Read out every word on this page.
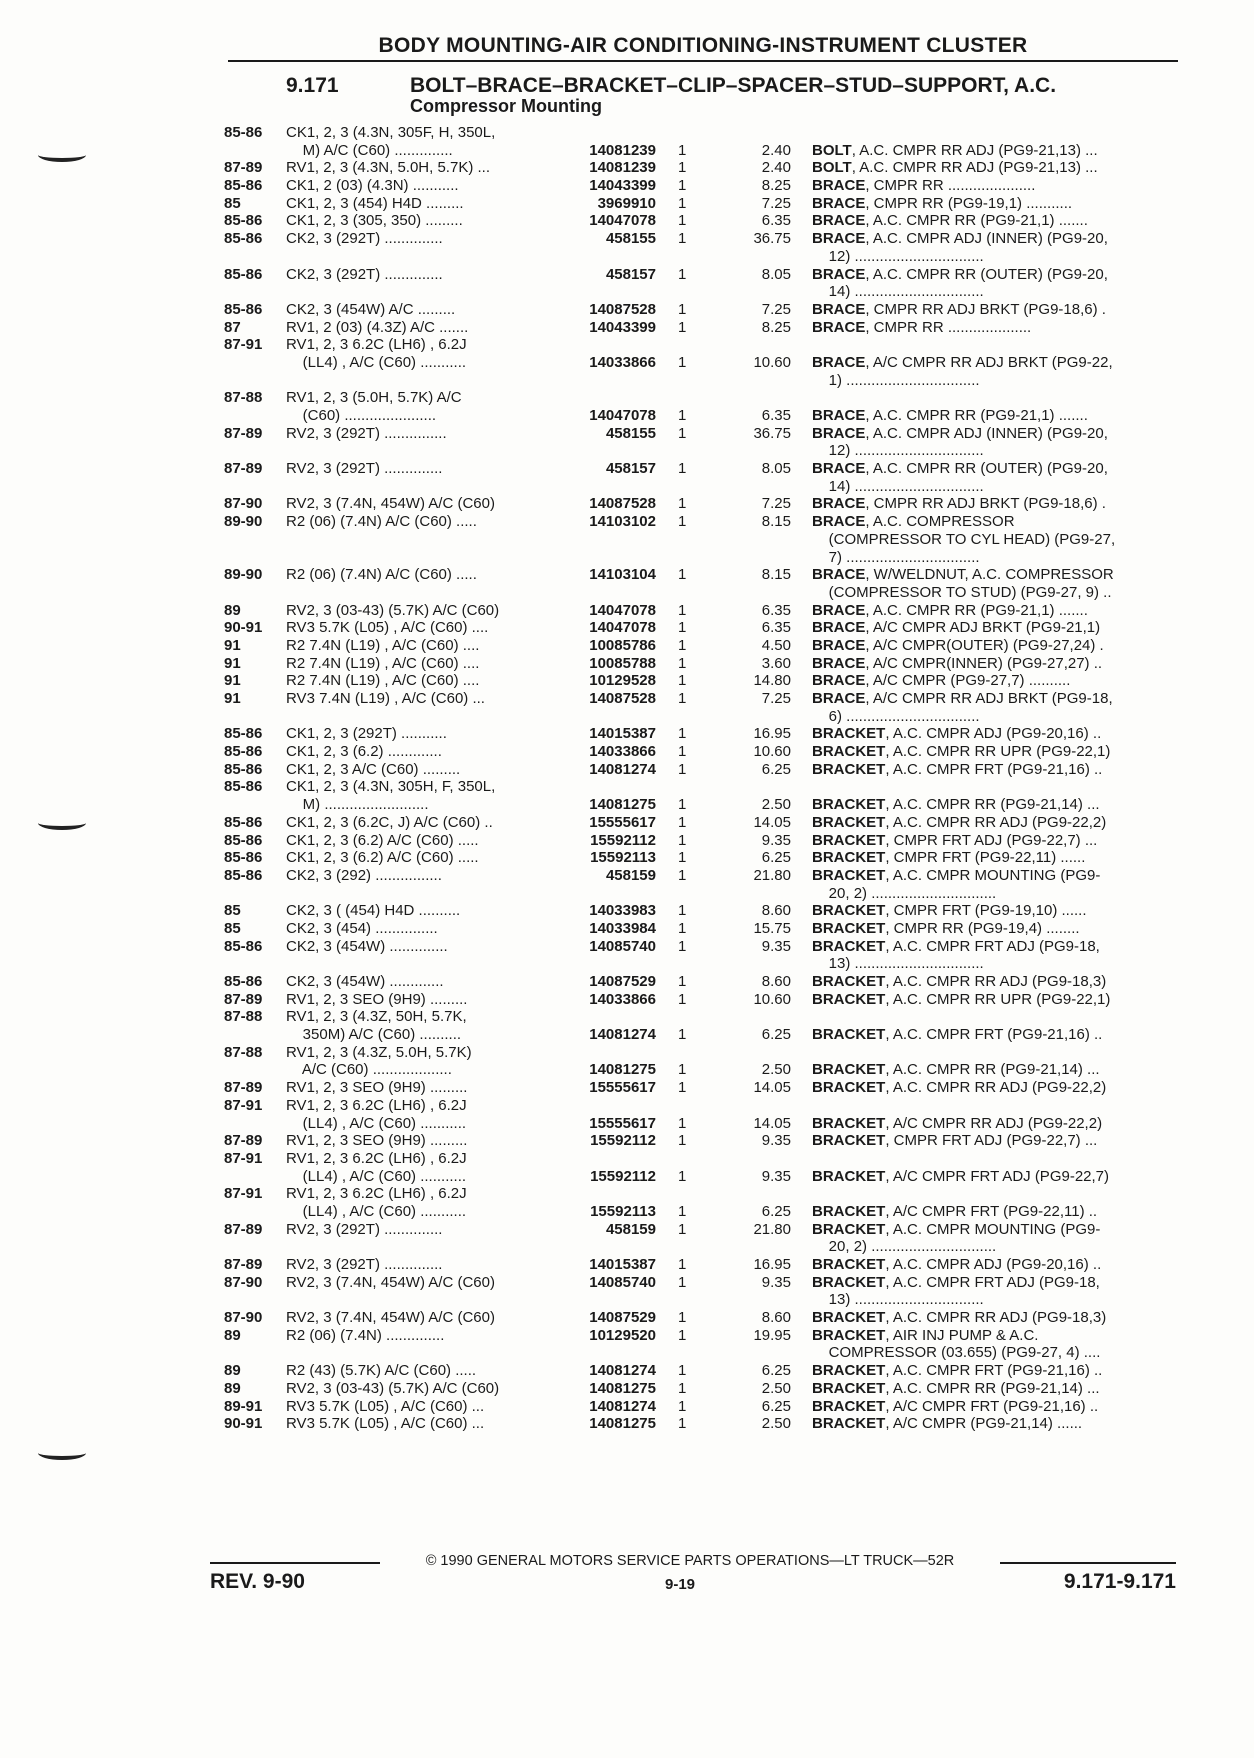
BODY MOUNTING-AIR CONDITIONING-INSTRUMENT CLUSTER
9.171	BOLT–BRACE–BRACKET–CLIP–SPACER–STUD–SUPPORT, A.C.
Compressor Mounting
85-86	CK1, 2, 3 (4.3N, 305F, H, 350L,
M) A/C (C60) ..............	14081239 1	2.40 BOLT, A.C. CMPR RR ADJ (PG9-21,13) ...
87-89	RV1, 2, 3 (4.3N, 5.0H, 5.7K) ...	14081239 1	2.40 BOLT, A.C. CMPR RR ADJ (PG9-21,13) ...
85-86	CK1, 2 (03) (4.3N) ...........	14043399 1	8.25 BRACE, CMPR RR .....................
85	CK1, 2, 3 (454) H4D .........	3969910 1	7.25 BRACE, CMPR RR (PG9-19,1) ...........
85-86	CK1, 2, 3 (305, 350) .........	14047078 1	6.35 BRACE, A.C. CMPR RR (PG9-21,1) .......
85-86	CK2, 3 (292T) ..............	458155 1	36.75 BRACE, A.C. CMPR ADJ (INNER) (PG9-20,
12) ...............................
85-86	CK2, 3 (292T) ..............	458157 1	8.05 BRACE, A.C. CMPR RR (OUTER) (PG9-20,
14) ...............................
85-86	CK2, 3 (454W) A/C .........	14087528 1	7.25 BRACE, CMPR RR ADJ BRKT (PG9-18,6) .
87	RV1, 2 (03) (4.3Z) A/C .......	14043399 1	8.25 BRACE, CMPR RR ....................
87-91	RV1, 2, 3 6.2C (LH6) , 6.2J
(LL4) , A/C (C60) ...........	14033866 1	10.60 BRACE, A/C CMPR RR ADJ BRKT (PG9-22,
1) ................................
87-88	RV1, 2, 3 (5.0H, 5.7K) A/C
(C60) ......................	14047078 1	6.35 BRACE, A.C. CMPR RR (PG9-21,1) .......
87-89	RV2, 3 (292T) ...............	458155 1	36.75 BRACE, A.C. CMPR ADJ (INNER) (PG9-20,
12) ...............................
87-89	RV2, 3 (292T) ..............	458157 1	8.05 BRACE, A.C. CMPR RR (OUTER) (PG9-20,
14) ...............................
87-90	RV2, 3 (7.4N, 454W) A/C (C60)	14087528 1	7.25 BRACE, CMPR RR ADJ BRKT (PG9-18,6) .
89-90	R2 (06) (7.4N) A/C (C60) .....	14103102 1	8.15 BRACE, A.C. COMPRESSOR
(COMPRESSOR TO CYL HEAD) (PG9-27,
7) ................................
89-90	R2 (06) (7.4N) A/C (C60) .....	14103104 1	8.15 BRACE, W/WELDNUT, A.C. COMPRESSOR
(COMPRESSOR TO STUD) (PG9-27, 9) ..
89	RV2, 3 (03-43) (5.7K) A/C (C60)	14047078 1	6.35 BRACE, A.C. CMPR RR (PG9-21,1) .......
90-91	RV3 5.7K (L05) , A/C (C60) ....	14047078 1	6.35 BRACE, A/C CMPR ADJ BRKT (PG9-21,1)
91	R2 7.4N (L19) , A/C (C60) ....	10085786 1	4.50 BRACE, A/C CMPR(OUTER) (PG9-27,24) .
91	R2 7.4N (L19) , A/C (C60) ....	10085788 1	3.60 BRACE, A/C CMPR(INNER) (PG9-27,27) ..
91	R2 7.4N (L19) , A/C (C60) ....	10129528 1	14.80 BRACE, A/C CMPR (PG9-27,7) ..........
91	RV3 7.4N (L19) , A/C (C60) ...	14087528 1	7.25 BRACE, A/C CMPR RR ADJ BRKT (PG9-18,
6) ................................
85-86	CK1, 2, 3 (292T) ...........	14015387 1	16.95 BRACKET, A.C. CMPR ADJ (PG9-20,16) ..
85-86	CK1, 2, 3 (6.2) .............	14033866 1	10.60 BRACKET, A.C. CMPR RR UPR (PG9-22,1)
85-86	CK1, 2, 3 A/C (C60) .........	14081274 1	6.25 BRACKET, A.C. CMPR FRT (PG9-21,16) ..
85-86	CK1, 2, 3 (4.3N, 305H, F, 350L,
M) .........................	14081275 1	2.50 BRACKET, A.C. CMPR RR (PG9-21,14) ...
85-86	CK1, 2, 3 (6.2C, J) A/C (C60) ..	15555617 1	14.05 BRACKET, A.C. CMPR RR ADJ (PG9-22,2)
85-86	CK1, 2, 3 (6.2) A/C (C60) .....	15592112 1	9.35 BRACKET, CMPR FRT ADJ (PG9-22,7) ...
85-86	CK1, 2, 3 (6.2) A/C (C60) .....	15592113 1	6.25 BRACKET, CMPR FRT (PG9-22,11) ......
85-86	CK2, 3 (292) ................	458159 1	21.80 BRACKET, A.C. CMPR MOUNTING (PG9-
20, 2) ..............................
85	CK2, 3 ( (454) H4D ..........	14033983 1	8.60 BRACKET, CMPR FRT (PG9-19,10) ......
85	CK2, 3 (454) ...............	14033984 1	15.75 BRACKET, CMPR RR (PG9-19,4) ........
85-86	CK2, 3 (454W) ..............	14085740 1	9.35 BRACKET, A.C. CMPR FRT ADJ (PG9-18,
13) ...............................
85-86	CK2, 3 (454W) .............	14087529 1	8.60 BRACKET, A.C. CMPR RR ADJ (PG9-18,3)
87-89	RV1, 2, 3 SEO (9H9) .........	14033866 1	10.60 BRACKET, A.C. CMPR RR UPR (PG9-22,1)
87-88	RV1, 2, 3 (4.3Z, 50H, 5.7K,
350M) A/C (C60) ..........	14081274 1	6.25 BRACKET, A.C. CMPR FRT (PG9-21,16) ..
87-88	RV1, 2, 3 (4.3Z, 5.0H, 5.7K)
A/C (C60) ...................	14081275 1	2.50 BRACKET, A.C. CMPR RR (PG9-21,14) ...
87-89	RV1, 2, 3 SEO (9H9) .........	15555617 1	14.05 BRACKET, A.C. CMPR RR ADJ (PG9-22,2)
87-91	RV1, 2, 3 6.2C (LH6) , 6.2J
(LL4) , A/C (C60) ...........	15555617 1	14.05 BRACKET, A/C CMPR RR ADJ (PG9-22,2)
87-89	RV1, 2, 3 SEO (9H9) .........	15592112 1	9.35 BRACKET, CMPR FRT ADJ (PG9-22,7) ...
87-91	RV1, 2, 3 6.2C (LH6) , 6.2J
(LL4) , A/C (C60) ...........	15592112 1	9.35 BRACKET, A/C CMPR FRT ADJ (PG9-22,7)
87-91	RV1, 2, 3 6.2C (LH6) , 6.2J
(LL4) , A/C (C60) ...........	15592113 1	6.25 BRACKET, A/C CMPR FRT (PG9-22,11) ..
87-89	RV2, 3 (292T) ..............	458159 1	21.80 BRACKET, A.C. CMPR MOUNTING (PG9-
20, 2) ..............................
87-89	RV2, 3 (292T) ..............	14015387 1	16.95 BRACKET, A.C. CMPR ADJ (PG9-20,16) ..
87-90	RV2, 3 (7.4N, 454W) A/C (C60)	14085740 1	9.35 BRACKET, A.C. CMPR FRT ADJ (PG9-18,
13) ...............................
87-90	RV2, 3 (7.4N, 454W) A/C (C60)	14087529 1	8.60 BRACKET, A.C. CMPR RR ADJ (PG9-18,3)
89	R2 (06) (7.4N) ..............	10129520 1	19.95 BRACKET, AIR INJ PUMP & A.C.
COMPRESSOR (03.655) (PG9-27, 4) ....
89	R2 (43) (5.7K) A/C (C60) .....	14081274 1	6.25 BRACKET, A.C. CMPR FRT (PG9-21,16) ..
89	RV2, 3 (03-43) (5.7K) A/C (C60)	14081275 1	2.50 BRACKET, A.C. CMPR RR (PG9-21,14) ...
89-91	RV3 5.7K (L05) , A/C (C60) ...	14081274 1	6.25 BRACKET, A/C CMPR FRT (PG9-21,16) ..
90-91	RV3 5.7K (L05) , A/C (C60) ...	14081275 1	2.50 BRACKET, A/C CMPR (PG9-21,14) ......
© 1990 GENERAL MOTORS SERVICE PARTS OPERATIONS—LT TRUCK—52R
REV. 9-90	9-19	9.171-9.171
